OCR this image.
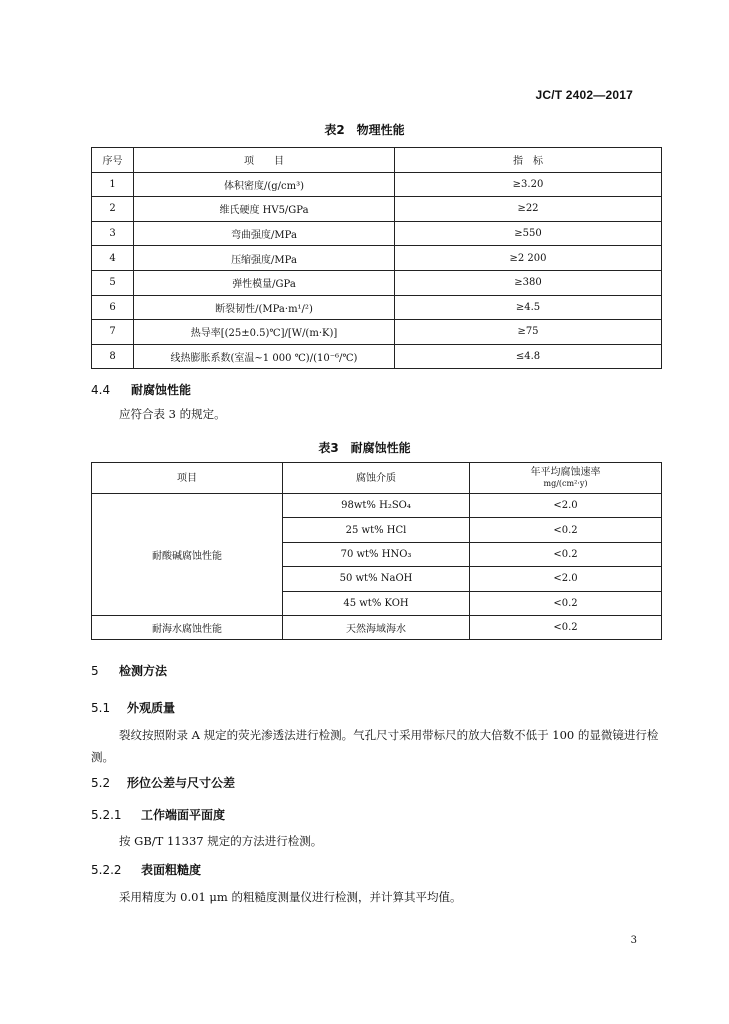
JC/T 2402—2017
表2　物理性能
序号	项　　目	指　标
1	体积密度/(g/cm³)	≥3.20
2	维氏硬度 HV5/GPa	≥22
3	弯曲强度/MPa	≥550
4	压缩强度/MPa	≥2 200
5	弹性模量/GPa	≥380
6	断裂韧性/(MPa·m¹/²)	≥4.5
7	热导率[(25±0.5)℃]/[W/(m·K)]	≥75
8	线热膨胀系数(室温~1 000 ℃)/(10⁻⁶/℃)	≤4.8
4.4 耐腐蚀性能
应符合表 3 的规定。
表3　耐腐蚀性能
项目	腐蚀介质	年平均腐蚀速率
mg/(cm²·y)

耐酸碱腐蚀性能	98wt% H₂SO₄	<2.0
	25 wt% HCl	<0.2
	70 wt% HNO₃	<0.2
	50 wt% NaOH	<2.0
	45 wt% KOH	<0.2
耐海水腐蚀性能	天然海域海水	<0.2
5 检测方法
5.1 外观质量
裂纹按照附录 A 规定的荧光渗透法进行检测。气孔尺寸采用带标尺的放大倍数不低于 100 的显微镜进行检测。
5.2 形位公差与尺寸公差
5.2.1 工作端面平面度
按 GB/T 11337 规定的方法进行检测。
5.2.2 表面粗糙度
采用精度为 0.01 μm 的粗糙度测量仪进行检测，并计算其平均值。
3
